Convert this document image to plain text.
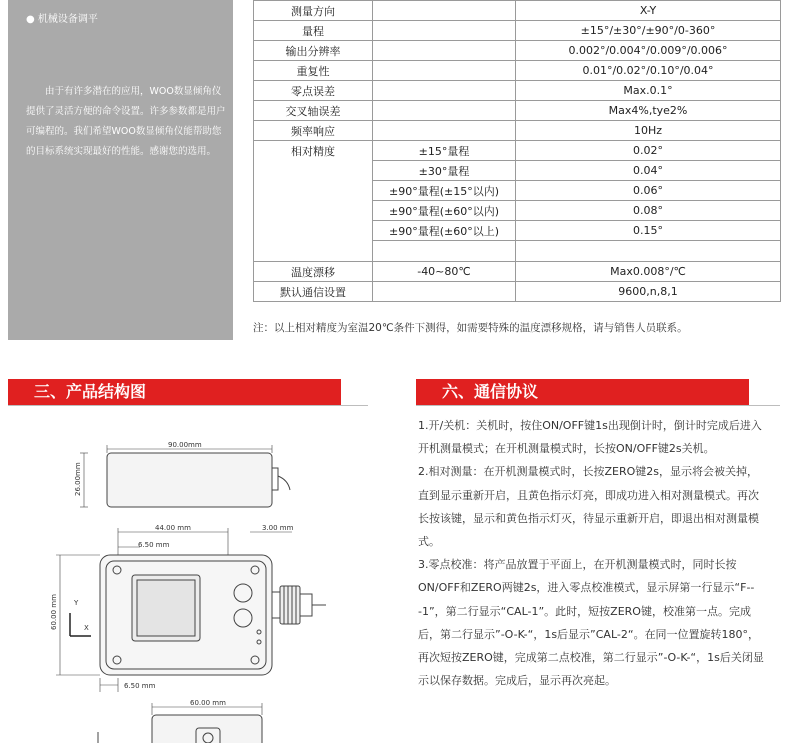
● 机械设备调平
由于有许多潜在的应用，WOO数显倾角仪提供了灵活方便的命令设置。许多参数都是用户可编程的。我们希望WOO数显倾角仪能帮助您的目标系统实现最好的性能。感谢您的选用。
测量方向		X-Y
量程		±15°/±30°/±90°/0-360°
输出分辨率		0.002°/0.004°/0.009°/0.006°
重复性		0.01°/0.02°/0.10°/0.04°
零点误差		Max.0.1°
交叉轴误差		Max4%,tye2%
频率响应		10Hz
相对精度	±15°量程	0.02°
	±30°量程	0.04°
	±90°量程(±15°以内)	0.06°
	±90°量程(±60°以内)	0.08°
	±90°量程(±60°以上)	0.15°

温度漂移	-40~80℃	Max0.008°/℃
默认通信设置		9600,n,8,1
注：以上相对精度为室温20℃条件下测得，如需要特殊的温度漂移规格，请与销售人员联系。
三、产品结构图	六、通信协议
90.00mm
26.00mm
44.00 mm	3.00 mm
6.50 mm
60.00 mm
6.50 mm
Y
X
60.00 mm

1.开/关机：关机时，按住ON/OFF键1s出现倒计时，倒计时完成后进入开机测量模式；在开机测量模式时，长按ON/OFF键2s关机。

2.相对测量：在开机测量模式时，长按ZERO键2s，显示将会被关掉，直到显示重新开启，且黄色指示灯亮，即成功进入相对测量模式。再次长按该键，显示和黄色指示灯灭，待显示重新开启，即退出相对测量模式。

3.零点校准：将产品放置于平面上，在开机测量模式时，同时长按ON/OFF和ZERO两键2s，进入零点校准模式，显示屏第一行显示“F---1”，第二行显示“CAL-1”。此时，短按ZERO键，校准第一点。完成后，第二行显示”-O-K-“，1s后显示”CAL-2“。在同一位置旋转180°，再次短按ZERO键，完成第二点校准，第二行显示”-O-K-“，1s后关闭显示以保存数据。完成后，显示再次亮起。
